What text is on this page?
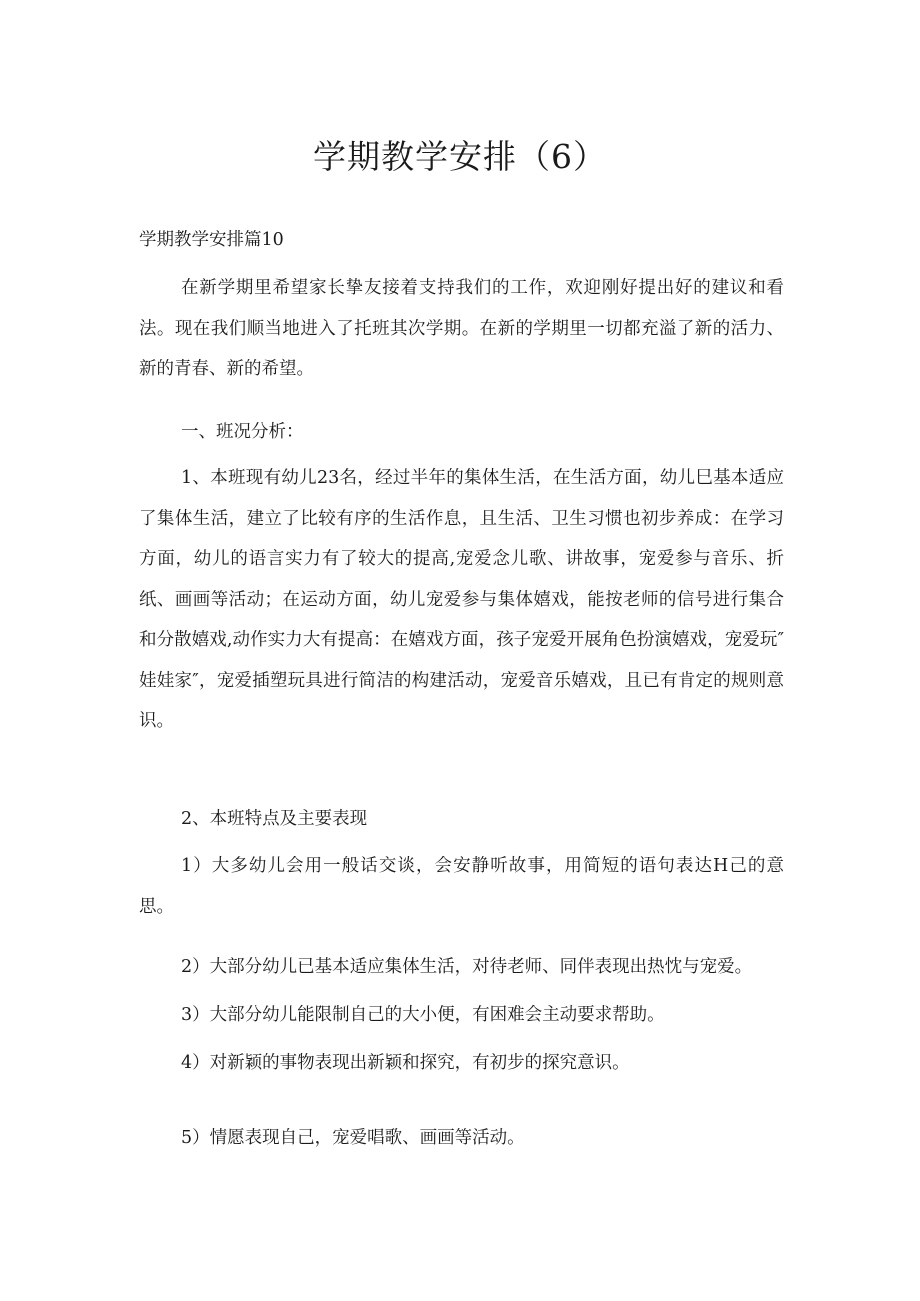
学期教学安排（6）
学期教学安排篇10
在新学期里希望家长挚友接着支持我们的工作，欢迎刚好提出好的建议和看法。现在我们顺当地进入了托班其次学期。在新的学期里一切都充溢了新的活力、新的青春、新的希望。
一、班况分析：
1、本班现有幼儿23名，经过半年的集体生活，在生活方面，幼儿巳基本适应了集体生活，建立了比较有序的生活作息，且生活、卫生习惯也初步养成：在学习方面，幼儿的语言实力有了较大的提高,宠爱念儿歌、讲故事，宠爱参与音乐、折纸、画画等活动；在运动方面，幼儿宠爱参与集体嬉戏，能按老师的信号进行集合和分散嬉戏,动作实力大有提高：在嬉戏方面，孩子宠爱开展角色扮演嬉戏，宠爱玩″娃娃家″，宠爱插塑玩具进行简洁的构建活动，宠爱音乐嬉戏，且已有肯定的规则意识。
2、本班特点及主要表现
1）大多幼儿会用一般话交谈，会安静听故事，用简短的语句表达H己的意思。
2）大部分幼儿已基本适应集体生活，对待老师、同伴表现出热忱与宠爱。
3）大部分幼儿能限制自己的大小便，有困难会主动要求帮助。
4）对新颖的事物表现出新颖和探究，有初步的探究意识。
5）情愿表现自己，宠爱唱歌、画画等活动。
